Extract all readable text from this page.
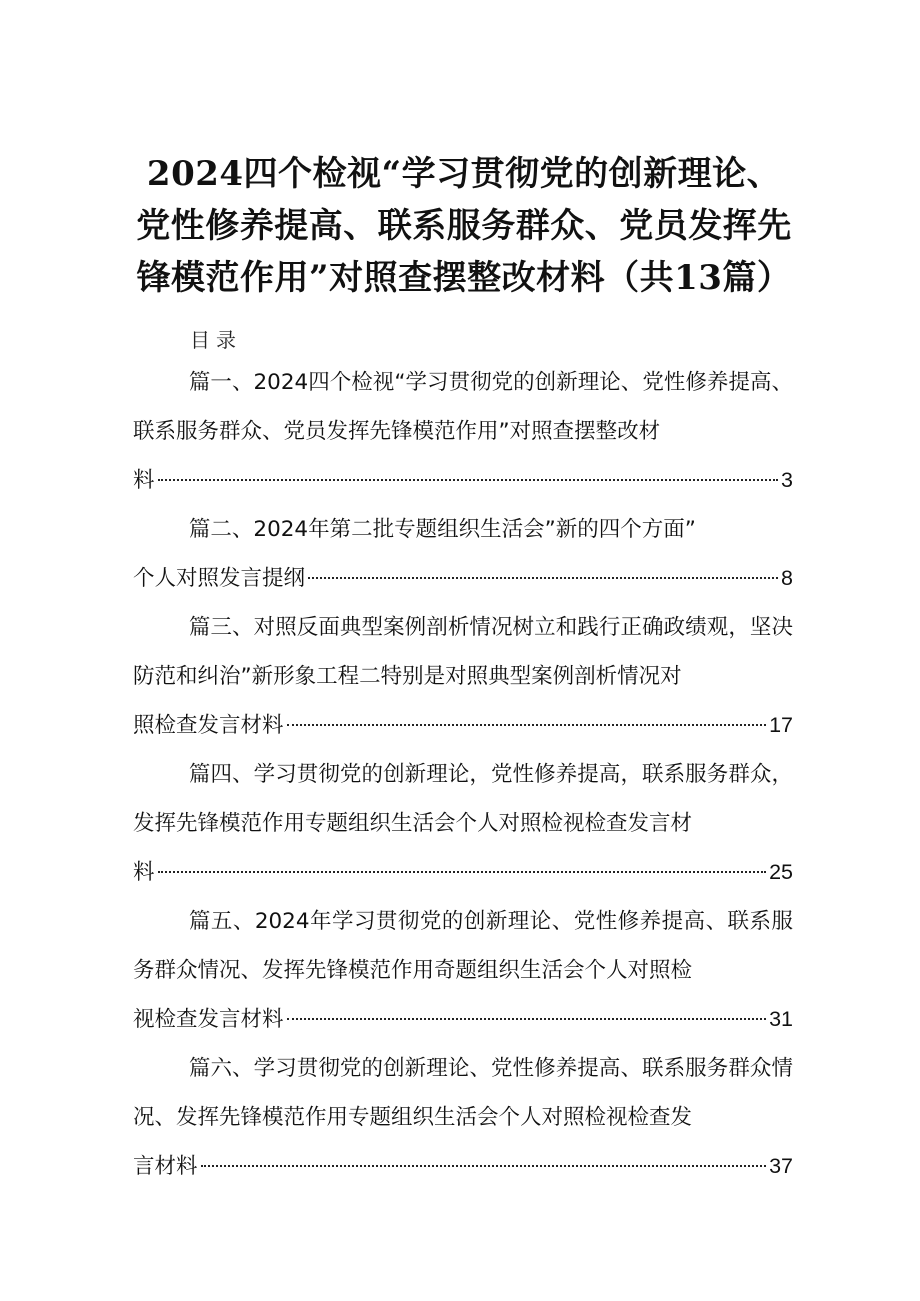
2024四个检视“学习贯彻党的创新理论、党性修养提高、联系服务群众、党员发挥先锋模范作用”对照查摆整改材料（共13篇）
目录
篇一、2024四个检视“学习贯彻党的创新理论、党性修养提高、联系服务群众、党员发挥先锋模范作用”对照查摆整改材
料	3
篇二、2024年第二批专题组织生活会”新的四个方面”
个人对照发言提纲	8
篇三、对照反面典型案例剖析情况树立和践行正确政绩观，坚决防范和纠治”新形象工程二特别是对照典型案例剖析情况对
照检查发言材料	17
篇四、学习贯彻党的创新理论，党性修养提高，联系服务群众，发挥先锋模范作用专题组织生活会个人对照检视检查发言材
料	25
篇五、2024年学习贯彻党的创新理论、党性修养提高、联系服务群众情况、发挥先锋模范作用奇题组织生活会个人对照检
视检查发言材料	31
篇六、学习贯彻党的创新理论、党性修养提高、联系服务群众情况、发挥先锋模范作用专题组织生活会个人对照检视检查发
言材料	37
